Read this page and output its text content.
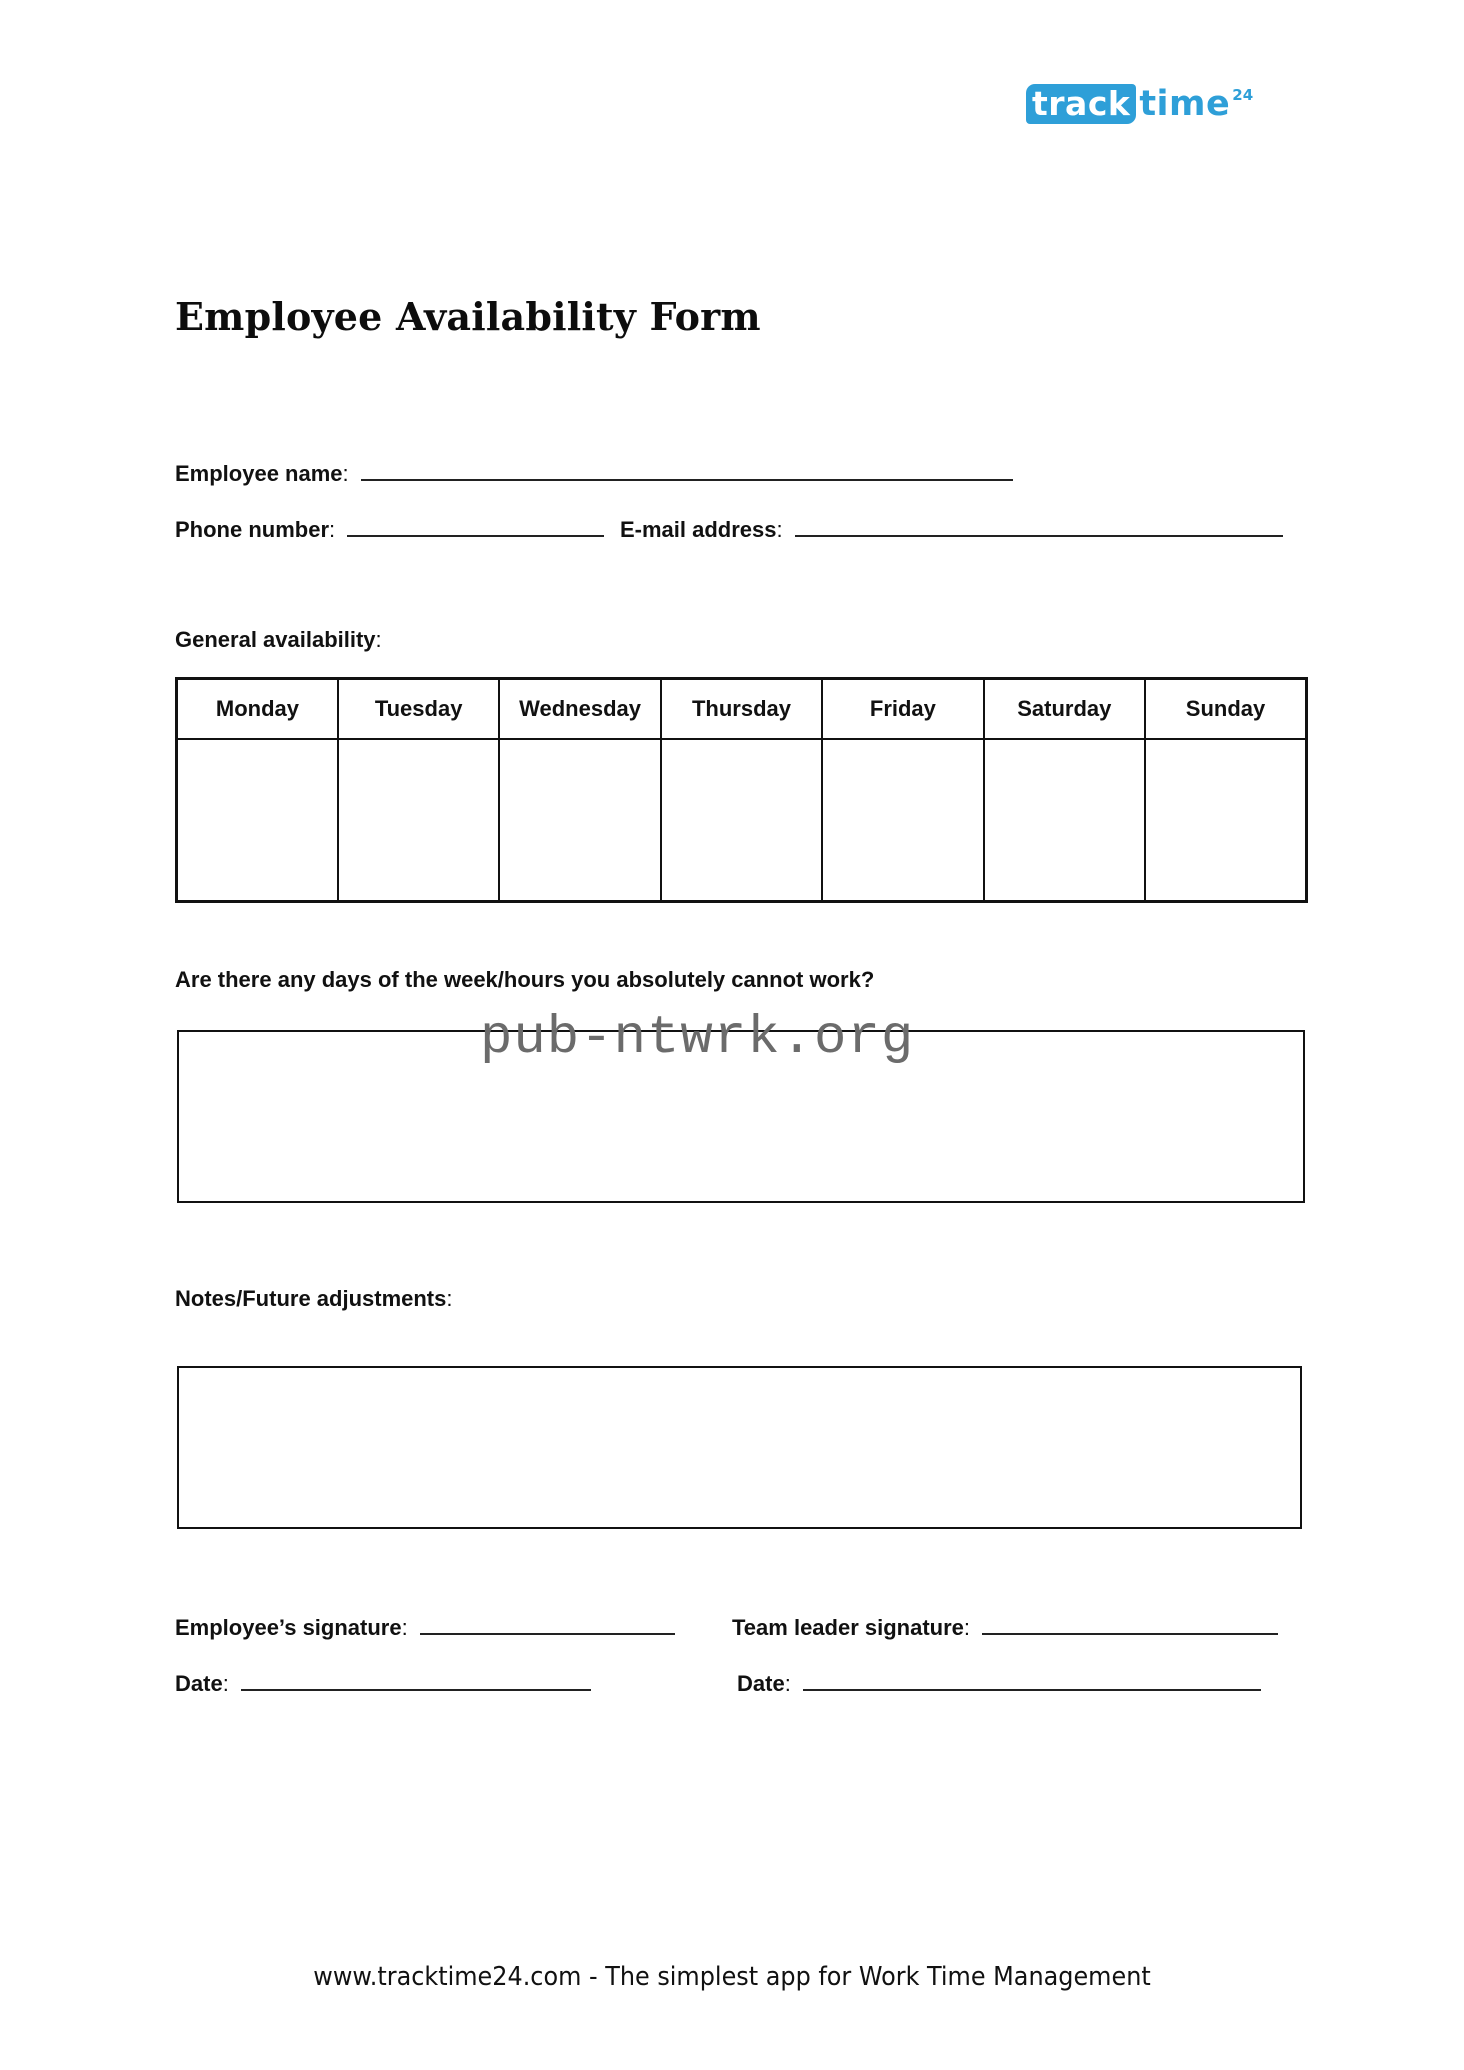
track time 24
Employee Availability Form
Employee name:
Phone number:	E-mail address:
General availability:
Monday	Tuesday	Wednesday	Thursday	Friday	Saturday	Sunday

Are there any days of the week/hours you absolutely cannot work?
pub-ntwrk.org
Notes/Future adjustments:
Employee’s signature:	Team leader signature:
Date:	Date:
www.tracktime24.com - The simplest app for Work Time Management
